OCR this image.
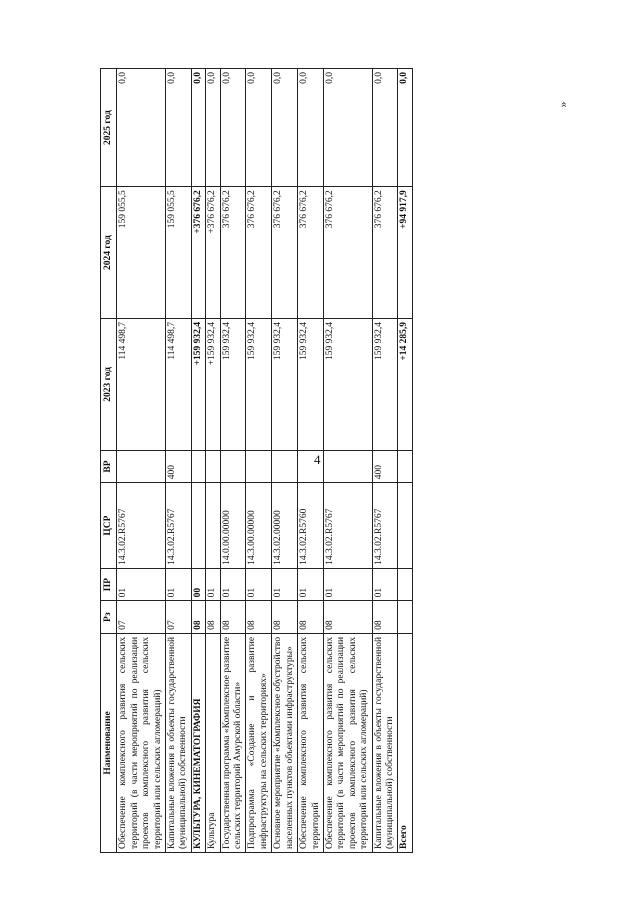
4
»
Наименование	Рз	ПР	ЦСР	ВР	2023 год	2024 год	2025 год
Обеспечение комплексного развития сельских территорий (в части мероприятий по реализации проектов комплексного развития сельских территорий или сельских агломераций)	07	01	14.3.02.R5767		114 498,7	159 055,5	0,0
Капитальные вложения в объекты государственной (муниципальной) собственности	07	01	14.3.02.R5767	400	114 498,7	159 055,5	0,0
КУЛЬТУРА, КИНЕМАТОГРАФИЯ	08	00			+159 932,4	+376 676,2	0,0
Культура	08	01			+159 932,4	+376 676,2	0,0
Государственная программа «Комплексное развитие сельских территорий Амурской области»	08	01	14.0.00.00000		159 932,4	376 676,2	0,0
Подпрограмма «Создание и развитие инфраструктуры на сельских территориях»	08	01	14.3.00.00000		159 932,4	376 676,2	0,0
Основное мероприятие «Комплексное обустройство населенных пунктов объектами инфраструктуры»	08	01	14.3.02.00000		159 932,4	376 676,2	0,0
Обеспечение комплексного развития сельских территорий	08	01	14.3.02.R5760		159 932,4	376 676,2	0,0
Обеспечение комплексного развития сельских территорий (в части мероприятий по реализации проектов комплексного развития сельских территорий или сельских агломераций)	08	01	14.3.02.R5767		159 932,4	376 676,2	0,0
Капитальные вложения в объекты государственной (муниципальной) собственности	08	01	14.3.02.R5767	400	159 932,4	376 676,2	0,0
Всего					+14 285,9	+94 917,9	0,0
